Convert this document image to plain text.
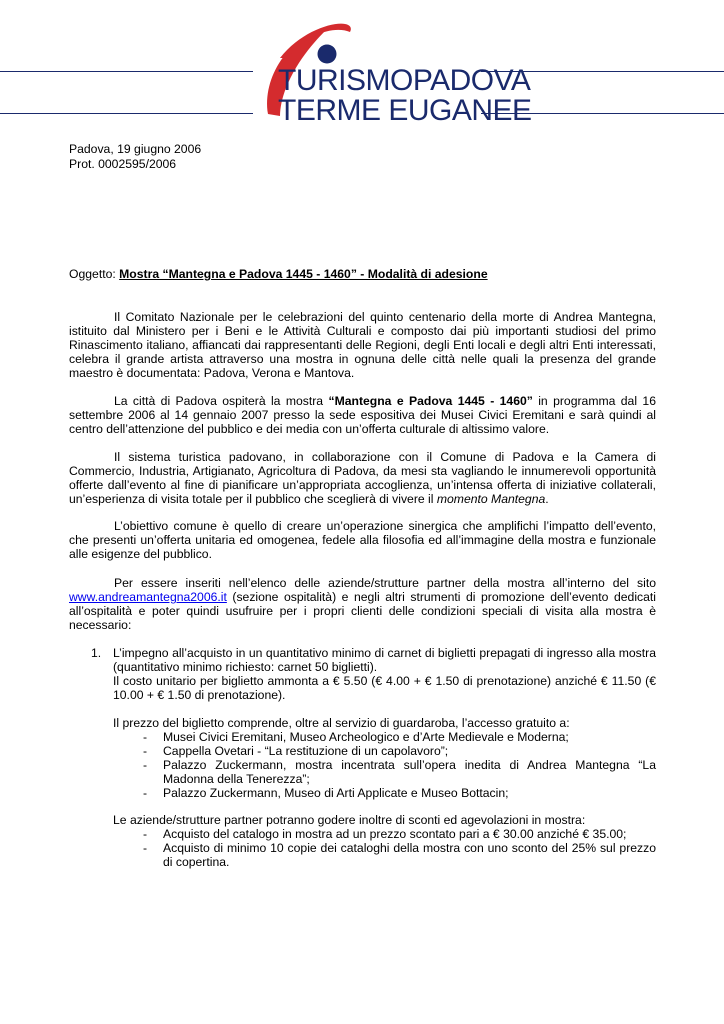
TURISMOPADOVA
TERME EUGANEE
Padova, 19 giugno 2006
Prot. 0002595/2006
Oggetto: Mostra “Mantegna e Padova 1445 - 1460” - Modalità di adesione

Il Comitato Nazionale per le celebrazioni del quinto centenario della morte di Andrea Mantegna, istituito dal Ministero per i Beni e le Attività Culturali e composto dai più importanti studiosi del primo Rinascimento italiano, affiancati dai rappresentanti delle Regioni, degli Enti locali e degli altri Enti interessati, celebra il grande artista attraverso una mostra in ognuna delle città nelle quali la presenza del grande maestro è documentata: Padova, Verona e Mantova.

La città di Padova ospiterà la mostra “Mantegna e Padova 1445 - 1460” in programma dal 16 settembre 2006 al 14 gennaio 2007 presso la sede espositiva dei Musei Civici Eremitani e sarà quindi al centro dell’attenzione del pubblico e dei media con un’offerta culturale di altissimo valore.

Il sistema turistica padovano, in collaborazione con il Comune di Padova e la Camera di Commercio, Industria, Artigianato, Agricoltura di Padova, da mesi sta vagliando le innumerevoli opportunità offerte dall’evento al fine di pianificare un’appropriata accoglienza, un’intensa offerta di iniziative collaterali, un’esperienza di visita totale per il pubblico che sceglierà di vivere il momento Mantegna.

L’obiettivo comune è quello di creare un’operazione sinergica che amplifichi l’impatto dell’evento, che presenti un’offerta unitaria ed omogenea, fedele alla filosofia ed all’immagine della mostra e funzionale alle esigenze del pubblico.

Per essere inseriti nell’elenco delle aziende/strutture partner della mostra all’interno del sito www.andreamantegna2006.it (sezione ospitalità) e negli altri strumenti di promozione dell’evento dedicati all’ospitalità e poter quindi usufruire per i propri clienti delle condizioni speciali di visita alla mostra è necessario:

1. L’impegno all’acquisto in un quantitativo minimo di carnet di biglietti prepagati di ingresso alla mostra (quantitativo minimo richiesto: carnet 50 biglietti).
Il costo unitario per biglietto ammonta a € 5.50 (€ 4.00 + € 1.50 di prenotazione) anziché € 11.50 (€ 10.00 + € 1.50 di prenotazione).
Il prezzo del biglietto comprende, oltre al servizio di guardaroba, l’accesso gratuito a:
- Musei Civici Eremitani, Museo Archeologico e d’Arte Medievale e Moderna;
- Cappella Ovetari - “La restituzione di un capolavoro”;
- Palazzo Zuckermann, mostra incentrata sull’opera inedita di Andrea Mantegna “La Madonna della Tenerezza”;
- Palazzo Zuckermann, Museo di Arti Applicate e Museo Bottacin;
Le aziende/strutture partner potranno godere inoltre di sconti ed agevolazioni in mostra:
- Acquisto del catalogo in mostra ad un prezzo scontato pari a € 30.00 anziché € 35.00;
- Acquisto di minimo 10 copie dei cataloghi della mostra con uno sconto del 25% sul prezzo di copertina.
